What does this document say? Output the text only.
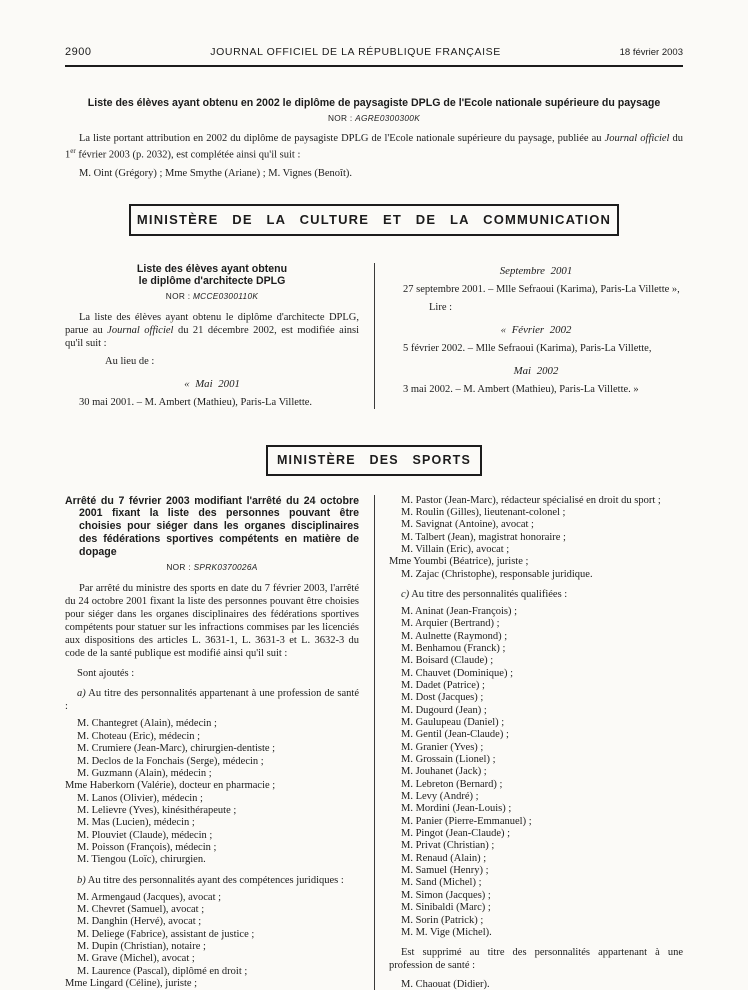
2900	JOURNAL OFFICIEL DE LA RÉPUBLIQUE FRANÇAISE	18 février 2003

Liste des élèves ayant obtenu en 2002 le diplôme de paysagiste DPLG de l'Ecole nationale supérieure du paysage

NOR : AGRE0300300K

La liste portant attribution en 2002 du diplôme de paysagiste DPLG de l'Ecole nationale supérieure du paysage, publiée au Journal officiel du 1er février 2003 (p. 2032), est complétée ainsi qu'il suit :

M. Oint (Grégory) ; Mme Smythe (Ariane) ; M. Vignes (Benoît).

MINISTÈRE DE LA CULTURE ET DE LA COMMUNICATION

Liste des élèves ayant obtenu
le diplôme d'architecte DPLG

NOR : MCCE0300110K

La liste des élèves ayant obtenu le diplôme d'architecte DPLG, parue au Journal officiel du 21 décembre 2002, est modifiée ainsi qu'il suit :

Au lieu de :

« Mai 2001

30 mai 2001. – M. Ambert (Mathieu), Paris-La Villette.

Septembre 2001

27 septembre 2001. – Mlle Sefraoui (Karima), Paris-La Villette »,

Lire :

« Février 2002

5 février 2002. – Mlle Sefraoui (Karima), Paris-La Villette,

Mai 2002

3 mai 2002. – M. Ambert (Mathieu), Paris-La Villette. »

MINISTÈRE DES SPORTS

Arrêté du 7 février 2003 modifiant l'arrêté du 24 octobre 2001 fixant la liste des personnes pouvant être choisies pour siéger dans les organes disciplinaires des fédérations sportives compétents en matière de dopage

NOR : SPRK0370026A

Par arrêté du ministre des sports en date du 7 février 2003, l'arrêté du 24 octobre 2001 fixant la liste des personnes pouvant être choisies pour siéger dans les organes disciplinaires des fédérations sportives compétents pour statuer sur les infractions commises par les licenciés aux dispositions des articles L. 3631-1, L. 3631-3 et L. 3632-3 du code de la santé publique est modifié ainsi qu'il suit :

Sont ajoutés :

a) Au titre des personnalités appartenant à une profession de santé :

M. Chantegret (Alain), médecin ;
M. Choteau (Eric), médecin ;
M. Crumiere (Jean-Marc), chirurgien-dentiste ;
M. Declos de la Fonchais (Serge), médecin ;
M. Guzmann (Alain), médecin ;
Mme Haberkorn (Valérie), docteur en pharmacie ;
M. Lanos (Olivier), médecin ;
M. Lelievre (Yves), kinésithérapeute ;
M. Mas (Lucien), médecin ;
M. Plouviet (Claude), médecin ;
M. Poisson (François), médecin ;
M. Tiengou (Loïc), chirurgien.

b) Au titre des personnalités ayant des compétences juridiques :

M. Armengaud (Jacques), avocat ;
M. Chevret (Samuel), avocat ;
M. Danghin (Hervé), avocat ;
M. Deliege (Fabrice), assistant de justice ;
M. Dupin (Christian), notaire ;
M. Grave (Michel), avocat ;
M. Laurence (Pascal), diplômé en droit ;
Mme Lingard (Céline), juriste ;
M. Pastor (Jean-Marc), rédacteur spécialisé en droit du sport ;
M. Roulin (Gilles), lieutenant-colonel ;
M. Savignat (Antoine), avocat ;
M. Talbert (Jean), magistrat honoraire ;
M. Villain (Eric), avocat ;
Mme Youmbi (Béatrice), juriste ;
M. Zajac (Christophe), responsable juridique.

c) Au titre des personnalités qualifiées :

M. Aninat (Jean-François) ;
M. Arquier (Bertrand) ;
M. Aulnette (Raymond) ;
M. Benhamou (Franck) ;
M. Boisard (Claude) ;
M. Chauvet (Dominique) ;
M. Dadet (Patrice) ;
M. Dost (Jacques) ;
M. Dugourd (Jean) ;
M. Gaulupeau (Daniel) ;
M. Gentil (Jean-Claude) ;
M. Granier (Yves) ;
M. Grossain (Lionel) ;
M. Jouhanet (Jack) ;
M. Lebreton (Bernard) ;
M. Levy (André) ;
M. Mordini (Jean-Louis) ;
M. Panier (Pierre-Emmanuel) ;
M. Pingot (Jean-Claude) ;
M. Privat (Christian) ;
M. Renaud (Alain) ;
M. Samuel (Henry) ;
M. Sand (Michel) ;
M. Simon (Jacques) ;
M. Sinibaldi (Marc) ;
M. Sorin (Patrick) ;
M. M. Vige (Michel).

Est supprimé au titre des personnalités appartenant à une profession de santé :

M. Chaouat (Didier).
